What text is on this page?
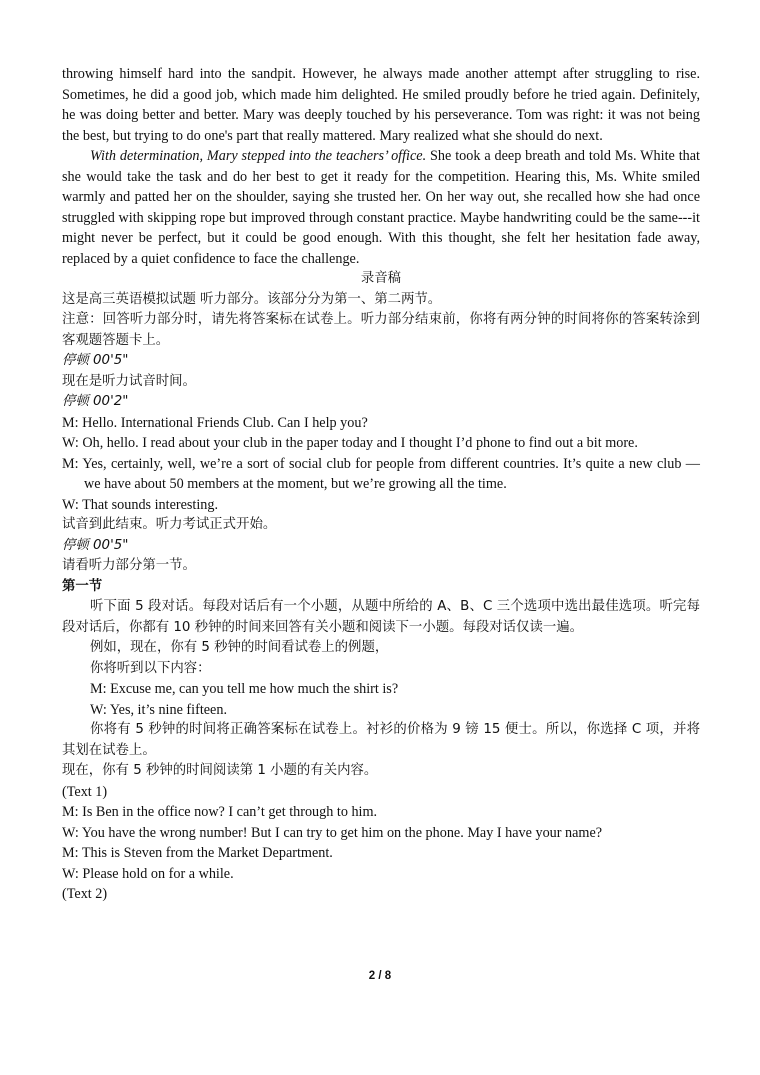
throwing himself hard into the sandpit. However, he always made another attempt after struggling to rise. Sometimes, he did a good job, which made him delighted. He smiled proudly before he tried again. Definitely, he was doing better and better. Mary was deeply touched by his perseverance. Tom was right: it was not being the best, but trying to do one's part that really mattered. Mary realized what she should do next.

With determination, Mary stepped into the teachers’ office. She took a deep breath and told Ms. White that she would take the task and do her best to get it ready for the competition. Hearing this, Ms. White smiled warmly and patted her on the shoulder, saying she trusted her. On her way out, she recalled how she had once struggled with skipping rope but improved through constant practice. Maybe handwriting could be the same---it might never be perfect, but it could be good enough. With this thought, she felt her hesitation fade away, replaced by a quiet confidence to face the challenge.

录音稿

这是高三英语模拟试题 听力部分。该部分分为第一、第二两节。

注意：回答听力部分时，请先将答案标在试卷上。听力部分结束前，你将有两分钟的时间将你的答案转涂到客观题答题卡上。

停顿 00'5"

现在是听力试音时间。

停顿 00'2"

M: Hello. International Friends Club. Can I help you?

W: Oh, hello. I read about your club in the paper today and I thought I’d phone to find out a bit more.

M: Yes, certainly, well, we’re a sort of social club for people from different countries. It’s quite a new club — we have about 50 members at the moment, but we’re growing all the time.

W: That sounds interesting.

试音到此结束。听力考试正式开始。

停顿 00'5"

请看听力部分第一节。

第一节

听下面 5 段对话。每段对话后有一个小题，从题中所给的 A、B、C 三个选项中选出最佳选项。听完每段对话后，你都有 10 秒钟的时间来回答有关小题和阅读下一小题。每段对话仅读一遍。

例如，现在，你有 5 秒钟的时间看试卷上的例题，

你将听到以下内容：

M: Excuse me, can you tell me how much the shirt is?

W: Yes, it’s nine fifteen.

你将有 5 秒钟的时间将正确答案标在试卷上。衬衫的价格为 9 镑 15 便士。所以，你选择 C 项，并将其划在试卷上。

现在，你有 5 秒钟的时间阅读第 1 小题的有关内容。

(Text 1)

M: Is Ben in the office now? I can’t get through to him.

W: You have the wrong number! But I can try to get him on the phone. May I have your name?

M: This is Steven from the Market Department.

W: Please hold on for a while.

(Text 2)

2 / 8
